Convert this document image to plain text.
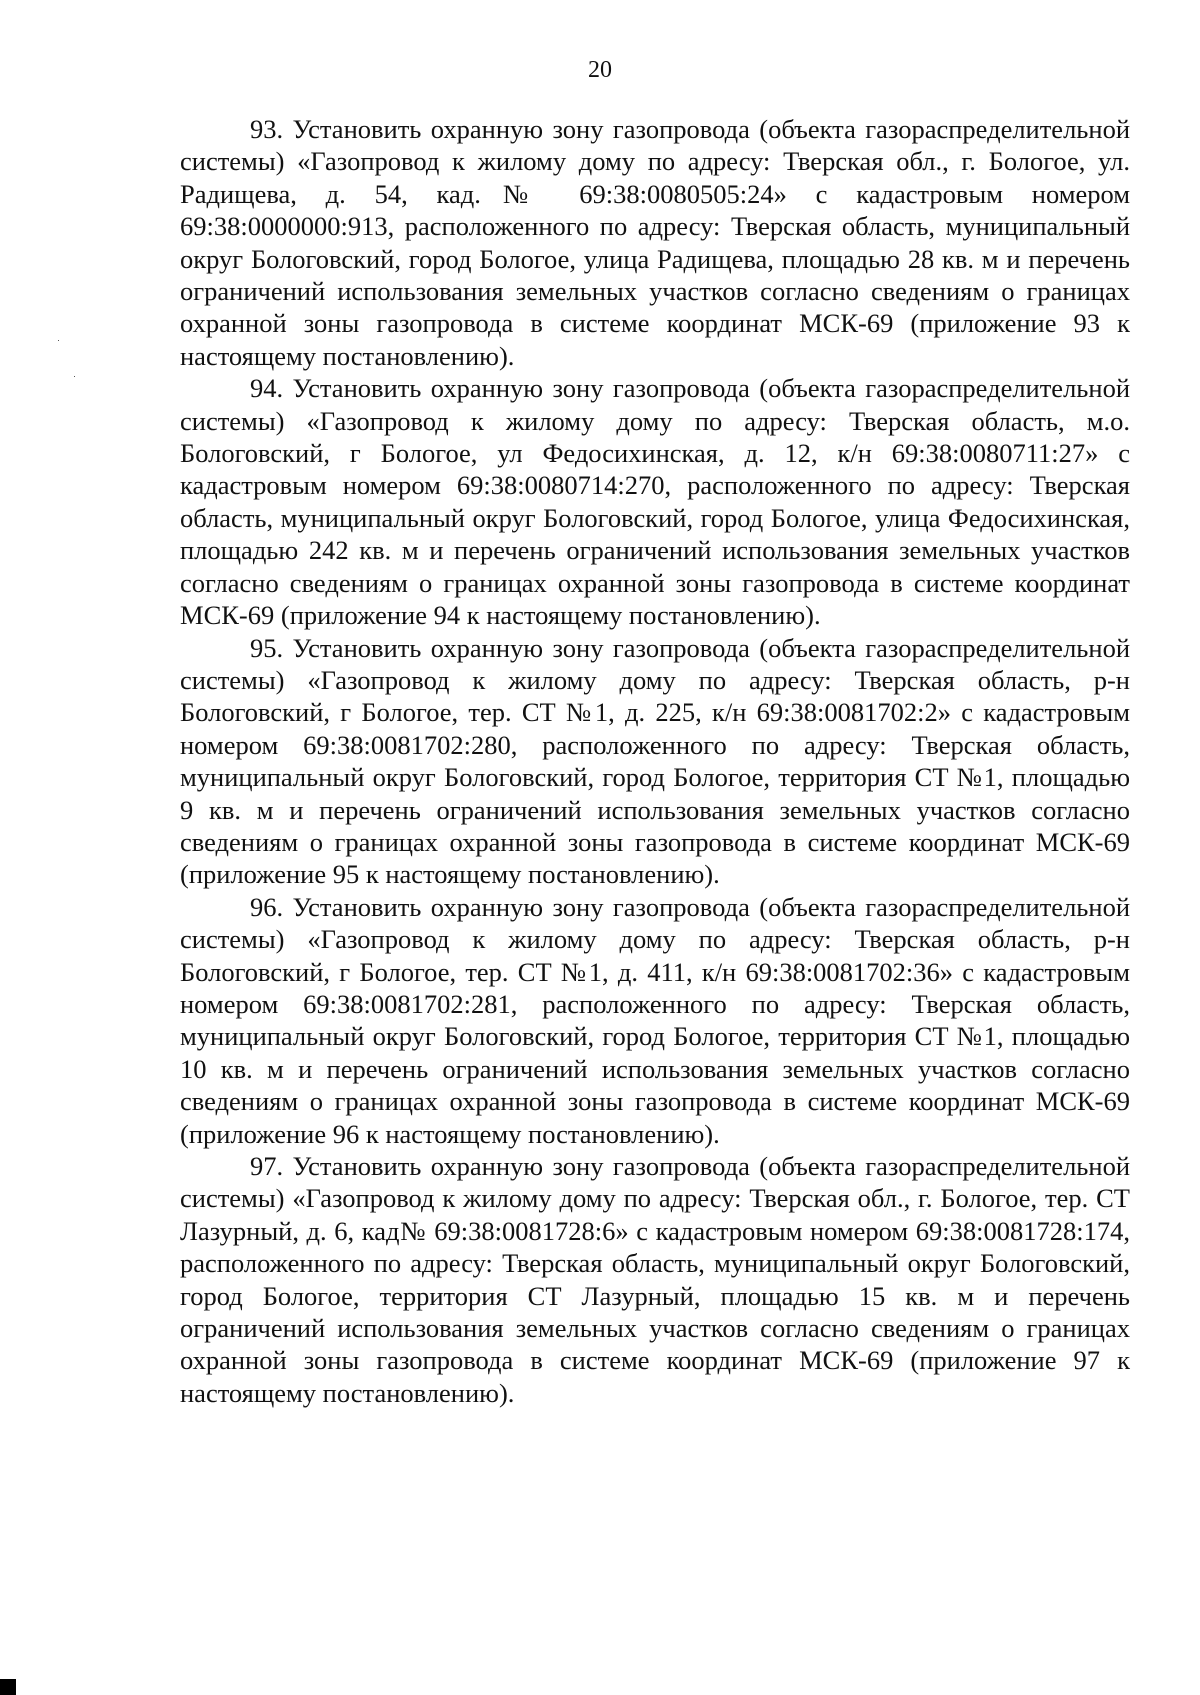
20

93. Установить охранную зону газопровода (объекта газораспределительной системы) «Газопровод к жилому дому по адресу: Тверская обл., г. Бологое, ул. Радищева, д. 54, кад.№ 69:38:0080505:24» с кадастровым номером 69:38:0000000:913, расположенного по адресу: Тверская область, муниципальный округ Бологовский, город Бологое, улица Радищева, площадью 28 кв. м и перечень ограничений использования земельных участков согласно сведениям о границах охранной зоны газопровода в системе координат МСК-69 (приложение 93 к настоящему постановлению).

94. Установить охранную зону газопровода (объекта газораспределительной системы) «Газопровод к жилому дому по адресу: Тверская область, м.о. Бологовский, г Бологое, ул Федосихинская, д. 12, к/н 69:38:0080711:27» с кадастровым номером 69:38:0080714:270, расположенного по адресу: Тверская область, муниципальный округ Бологовский, город Бологое, улица Федосихинская, площадью 242 кв. м и перечень ограничений использования земельных участков согласно сведениям о границах охранной зоны газопровода в системе координат МСК-69 (приложение 94 к настоящему постановлению).

95. Установить охранную зону газопровода (объекта газораспределительной системы) «Газопровод к жилому дому по адресу: Тверская область, р-н Бологовский, г Бологое, тер. СТ №1, д. 225, к/н 69:38:0081702:2» с кадастровым номером 69:38:0081702:280, расположенного по адресу: Тверская область, муниципальный округ Бологовский, город Бологое, территория СТ №1, площадью 9 кв. м и перечень ограничений использования земельных участков согласно сведениям о границах охранной зоны газопровода в системе координат МСК-69 (приложение 95 к настоящему постановлению).

96. Установить охранную зону газопровода (объекта газораспределительной системы) «Газопровод к жилому дому по адресу: Тверская область, р-н Бологовский, г Бологое, тер. СТ №1, д. 411, к/н 69:38:0081702:36» с кадастровым номером 69:38:0081702:281, расположенного по адресу: Тверская область, муниципальный округ Бологовский, город Бологое, территория СТ №1, площадью 10 кв. м и перечень ограничений использования земельных участков согласно сведениям о границах охранной зоны газопровода в системе координат МСК-69 (приложение 96 к настоящему постановлению).

97. Установить охранную зону газопровода (объекта газораспределительной системы) «Газопровод к жилому дому по адресу: Тверская обл., г. Бологое, тер. СТ Лазурный, д. 6, кад№ 69:38:0081728:6» с кадастровым номером 69:38:0081728:174, расположенного по адресу: Тверская область, муниципальный округ Бологовский, город Бологое, территория СТ Лазурный, площадью 15 кв. м и перечень ограничений использования земельных участков согласно сведениям о границах охранной зоны газопровода в системе координат МСК-69 (приложение 97 к настоящему постановлению).
